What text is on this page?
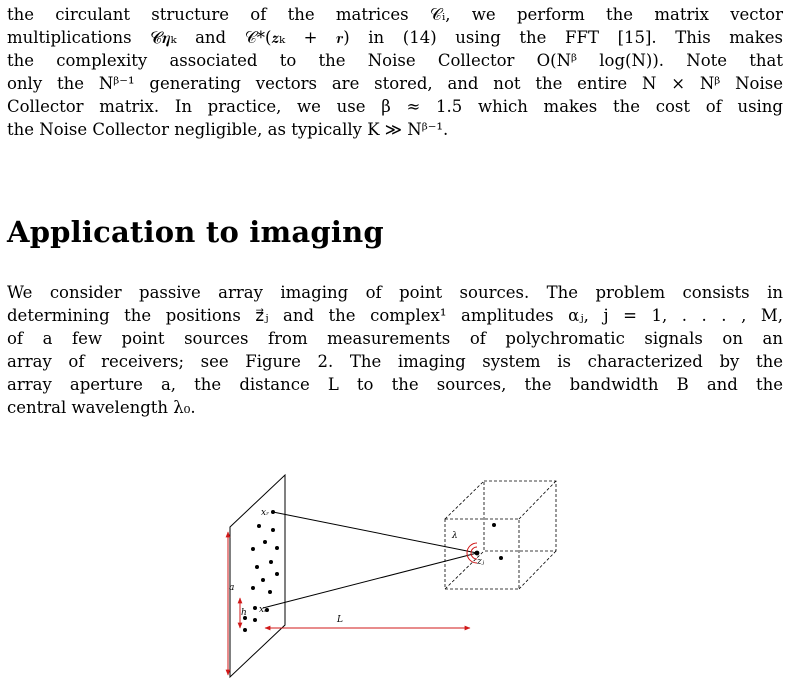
the circulant structure of the matrices 𝒞ᵢ, we perform the matrix vector
multiplications 𝓒𝜼ₖ and 𝒞*(𝒛ₖ + 𝒓) in (14) using the FFT [15]. This makes
the complexity associated to the Noise Collector O(Nᵝ log(N)). Note that
only the Nᵝ⁻¹ generating vectors are stored, and not the entire N × Nᵝ Noise
Collector matrix. In practice, we use β ≈ 1.5 which makes the cost of using
the Noise Collector negligible, as typically K ≫ Nᵝ⁻¹.
Application to imaging
We consider passive array imaging of point sources. The problem consists in
determining the positions z⃗ⱼ and the complex¹ amplitudes αⱼ, j = 1, . . . , M,
of a few point sources from measurements of polychromatic signals on an
array of receivers; see Figure 2. The imaging system is characterized by the
array aperture a, the distance L to the sources, the bandwidth B and the
central wavelength λ₀.
xᵣ
xₛ
a
h
L
λ
zⱼ
